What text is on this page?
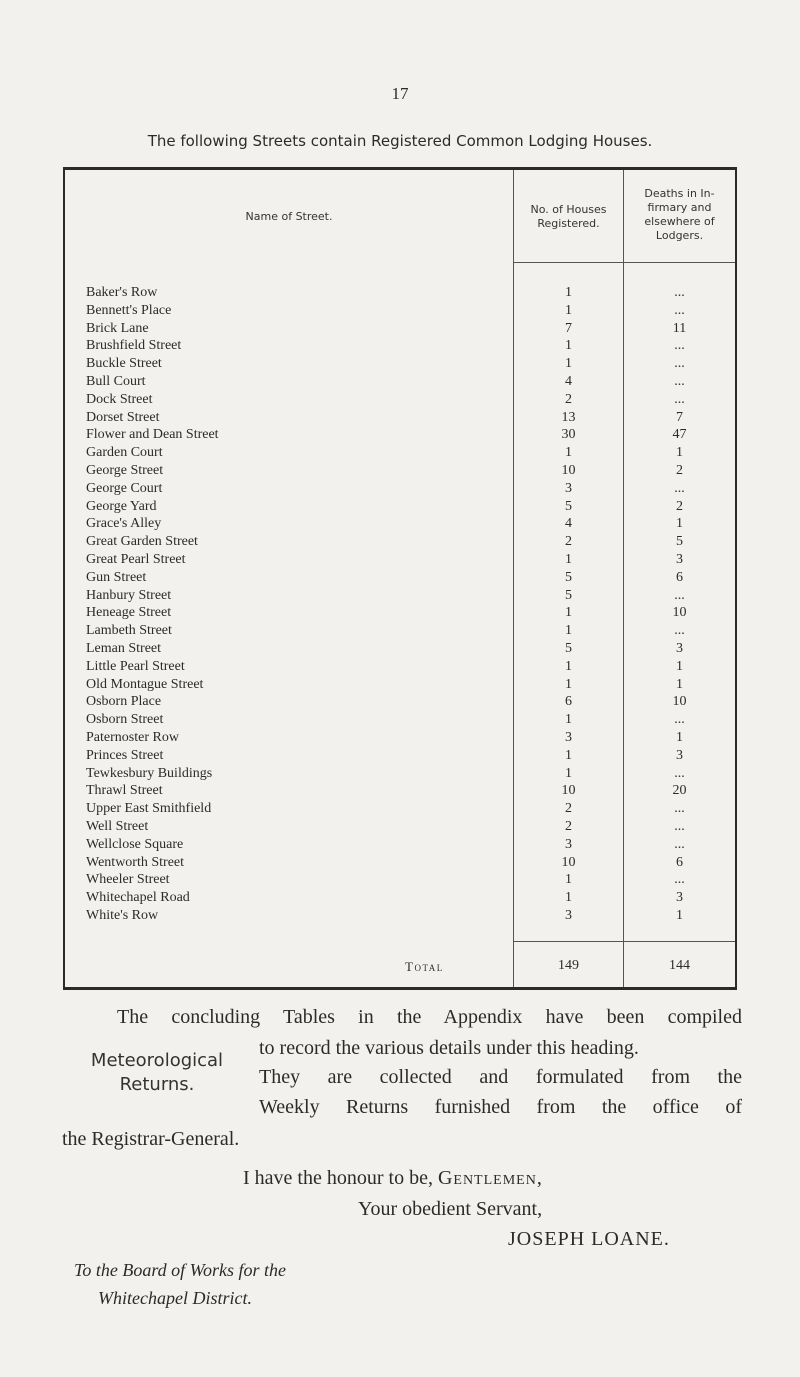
17
The following Streets contain Registered Common Lodging Houses.
Name of Street.
No. of Houses Registered.
Deaths in In- firmary and elsewhere of Lodgers.
Baker's Row	1	...
Bennett's Place	1	...
Brick Lane	7	11
Brushfield Street	1	...
Buckle Street	1	...
Bull Court	4	...
Dock Street	2	...
Dorset Street	13	7
Flower and Dean Street	30	47
Garden Court	1	1
George Street	10	2
George Court	3	...
George Yard	5	2
Grace's Alley	4	1
Great Garden Street	2	5
Great Pearl Street	1	3
Gun Street	5	6
Hanbury Street	5	...
Heneage Street	1	10
Lambeth Street	1	...
Leman Street	5	3
Little Pearl Street	1	1
Old Montague Street	1	1
Osborn Place	6	10
Osborn Street	1	...
Paternoster Row	3	1
Princes Street	1	3
Tewkesbury Buildings	1	...
Thrawl Street	10	20
Upper East Smithfield	2	...
Well Street	2	...
Wellclose Square	3	...
Wentworth Street	10	6
Wheeler Street	1	...
Whitechapel Road	1	3
White's Row	3	1
Total	149	144
Meteorological
Returns.
The concluding Tables in the Appendix have been compiled
to record the various details under this heading.
They are collected and formulated from the
Weekly Returns furnished from the office of
the Registrar-General.
I have the honour to be, Gentlemen,
Your obedient Servant,
JOSEPH LOANE.
To the Board of Works for the
Whitechapel District.
